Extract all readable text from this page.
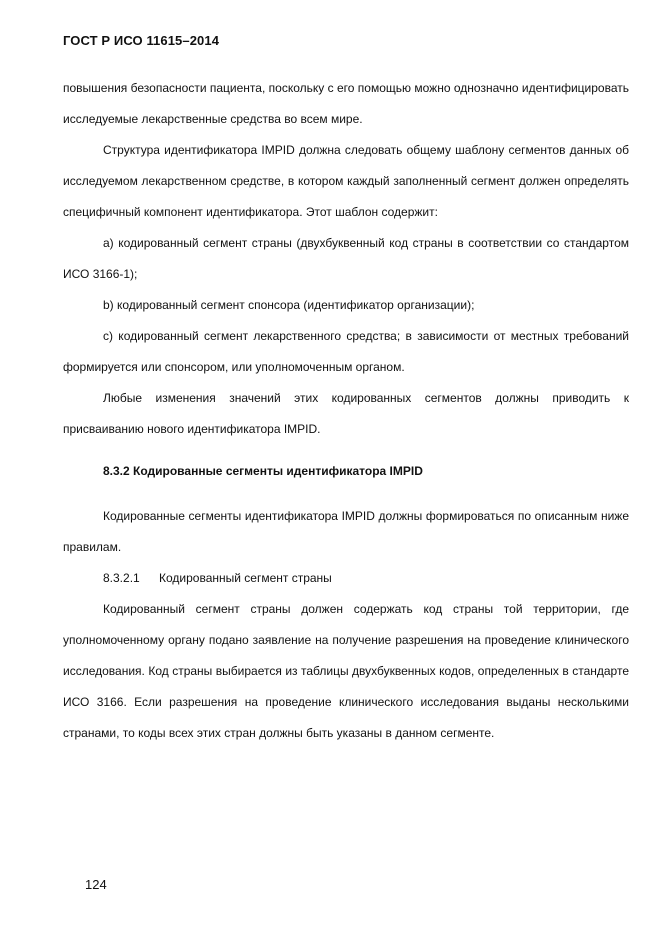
ГОСТ Р ИСО 11615–2014

повышения безопасности пациента, поскольку с его помощью можно однозначно идентифицировать исследуемые лекарственные средства во всем мире.

Структура идентификатора IMPID должна следовать общему шаблону сегментов данных об исследуемом лекарственном средстве, в котором каждый заполненный сегмент должен определять специфичный компонент идентификатора. Этот шаблон содержит:

а) кодированный сегмент страны (двухбуквенный код страны в соответствии со стандартом ИСО 3166-1);

b) кодированный сегмент спонсора (идентификатор организации);

с) кодированный сегмент лекарственного средства; в зависимости от местных требований формируется или спонсором, или уполномоченным органом.

Любые изменения значений этих кодированных сегментов должны приводить к присваиванию нового идентификатора IMPID.

8.3.2 Кодированные сегменты идентификатора IMPID

Кодированные сегменты идентификатора IMPID должны формироваться по описанным ниже правилам.

8.3.2.1 Кодированный сегмент страны

Кодированный сегмент страны должен содержать код страны той территории, где уполномоченному органу подано заявление на получение разрешения на проведение клинического исследования. Код страны выбирается из таблицы двухбуквенных кодов, определенных в стандарте ИСО 3166. Если разрешения на проведение клинического исследования выданы несколькими странами, то коды всех этих стран должны быть указаны в данном сегменте.

124
